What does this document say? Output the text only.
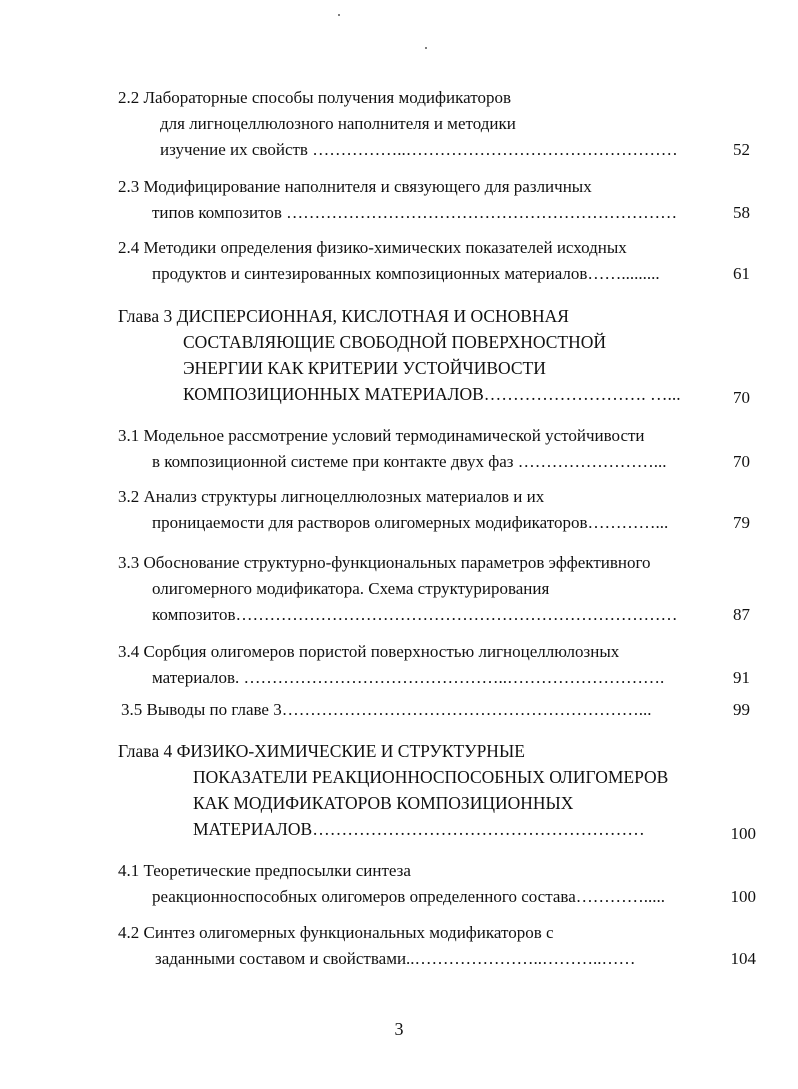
2.2 Лабораторные способы получения модификаторов
для лигноцеллюлозного наполнителя и методики
изучение их свойств ……………..…………………………………………	52
2.3 Модифицирование наполнителя и связующего для различных
типов композитов ……………………………………………………………	58
2.4 Методики определения физико-химических показателей исходных
продуктов и синтезированных композиционных материалов…….........	61
Глава 3 ДИСПЕРСИОННАЯ, КИСЛОТНАЯ И ОСНОВНАЯ
СОСТАВЛЯЮЩИЕ СВОБОДНОЙ ПОВЕРХНОСТНОЙ
ЭНЕРГИИ КАК КРИТЕРИИ УСТОЙЧИВОСТИ
КОМПОЗИЦИОННЫХ МАТЕРИАЛОВ………………………. …...	70
3.1 Модельное рассмотрение условий термодинамической устойчивости
в композиционной системе при контакте двух фаз ……………………...	70
3.2 Анализ структуры лигноцеллюлозных материалов и их
проницаемости для растворов олигомерных модификаторов…………...	79
3.3 Обоснование структурно-функциональных параметров эффективного
олигомерного модификатора. Схема структурирования
композитов……………………………………………………………………	87
3.4 Сорбция олигомеров пористой поверхностью лигноцеллюлозных
материалов. ………………………………………..……………………….	91
3.5 Выводы по главе 3………………………………………………………...	99
Глава 4 ФИЗИКО-ХИМИЧЕСКИЕ И СТРУКТУРНЫЕ
ПОКАЗАТЕЛИ РЕАКЦИОННОСПОСОБНЫХ ОЛИГОМЕРОВ
КАК МОДИФИКАТОРОВ КОМПОЗИЦИОННЫХ
МАТЕРИАЛОВ…………………………………………………	100
4.1 Теоретические предпосылки синтеза
реакционноспособных олигомеров определенного состава………….....	100
4.2 Синтез олигомерных функциональных модификаторов с
заданными составом и свойствами..…………………..………..……	104
3
